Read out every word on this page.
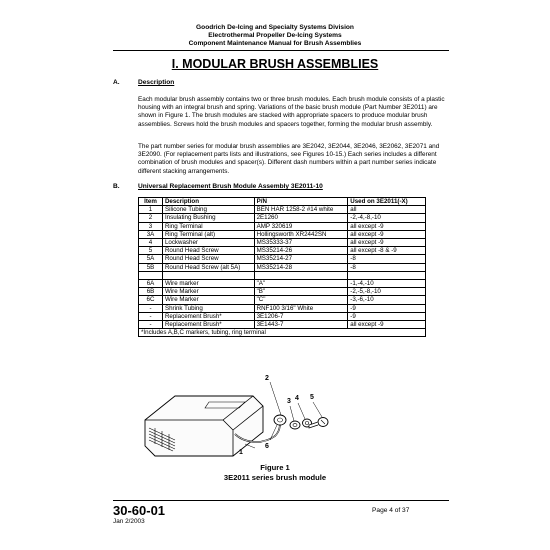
Goodrich De-Icing and Specialty Systems Division
Electrothermal Propeller De-Icing Systems
Component Maintenance Manual for Brush Assemblies
I. MODULAR BRUSH ASSEMBLIES
A.	Description
Each modular brush assembly contains two or three brush modules. Each brush module consists of a plastic housing with an integral brush and spring. Variations of the basic brush module (Part Number 3E2011) are shown in Figure 1. The brush modules are stacked with appropriate spacers to produce modular brush assemblies. Screws hold the brush modules and spacers together, forming the modular brush assembly.
The part number series for modular brush assemblies are 3E2042, 3E2044, 3E2046, 3E2062, 3E2071 and 3E2090. (For replacement parts lists and illustrations, see Figures 10-15.) Each series includes a different combination of brush modules and spacer(s). Different dash numbers within a part number series indicate different stacking arrangements.
B.	Universal Replacement Brush Module Assembly 3E2011-10
Item	Description	P/N	Used on 3E2011(-X)
1	Silicone Tubing	BEN HAR 1258-2 #14 white	all
2	Insulating Bushing	2E1260	-2,-4,-8,-10
3	Ring Terminal	AMP 320619	all except -9
3A	Ring Terminal (alt)	Hollingsworth XR2442SN	all except -9
4	Lockwasher	MS35333-37	all except -9
5	Round Head Screw	MS35214-26	all except -8 & -9
5A	Round Head Screw	MS35214-27	-8
5B	Round Head Screw (alt 5A)	MS35214-28	-8

6A	Wire marker	"A"	-1,-4,-10
6B	Wire Marker	"B"	-2,-5,-8,-10
6C	Wire Marker	"C"	-3,-6,-10
-	Shrink Tubing	RNF100 3/16" White	-9
-	Replacement Brush*	3E1206-7	-9
-	Replacement Brush*	3E1443-7	all except -9
*Includes A,B,C markers, tubing, ring terminal			
1
2
3 4 5
6
Figure 1
3E2011 series brush module
30-60-01
Jan 2/2003
Page 4 of 37
